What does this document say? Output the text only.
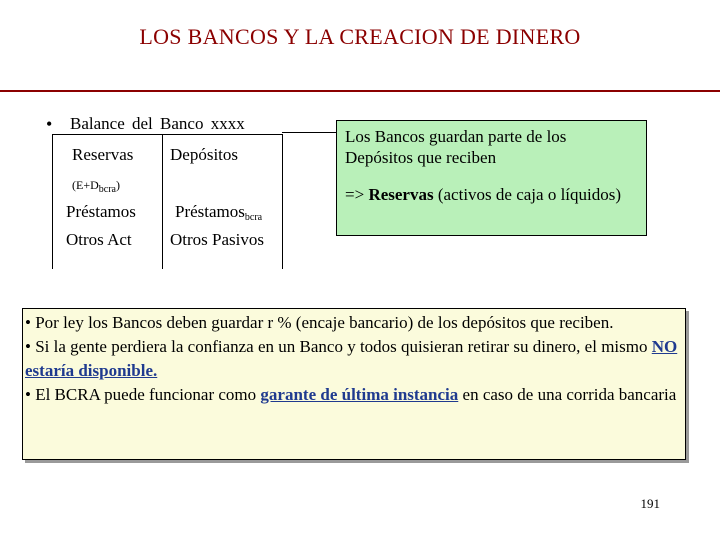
LOS BANCOS Y LA CREACION DE DINERO
• Balance del Banco xxxx
Reservas
$(E+D_{bcra})$
Préstamos
Otros Act
Depósitos
Préstamos$_{bcra}$
Otros Pasivos
Los Bancos guardan parte de los Depósitos que reciben
=> Reservas (activos de caja o líquidos)
• Por ley los Bancos deben guardar r % (encaje bancario) de los depósitos que reciben.
• Si la gente perdiera la confianza en un Banco y todos quisieran retirar su dinero, el mismo NO estaría disponible.
• El BCRA puede funcionar como garante de última instancia en caso de una corrida bancaria
191
